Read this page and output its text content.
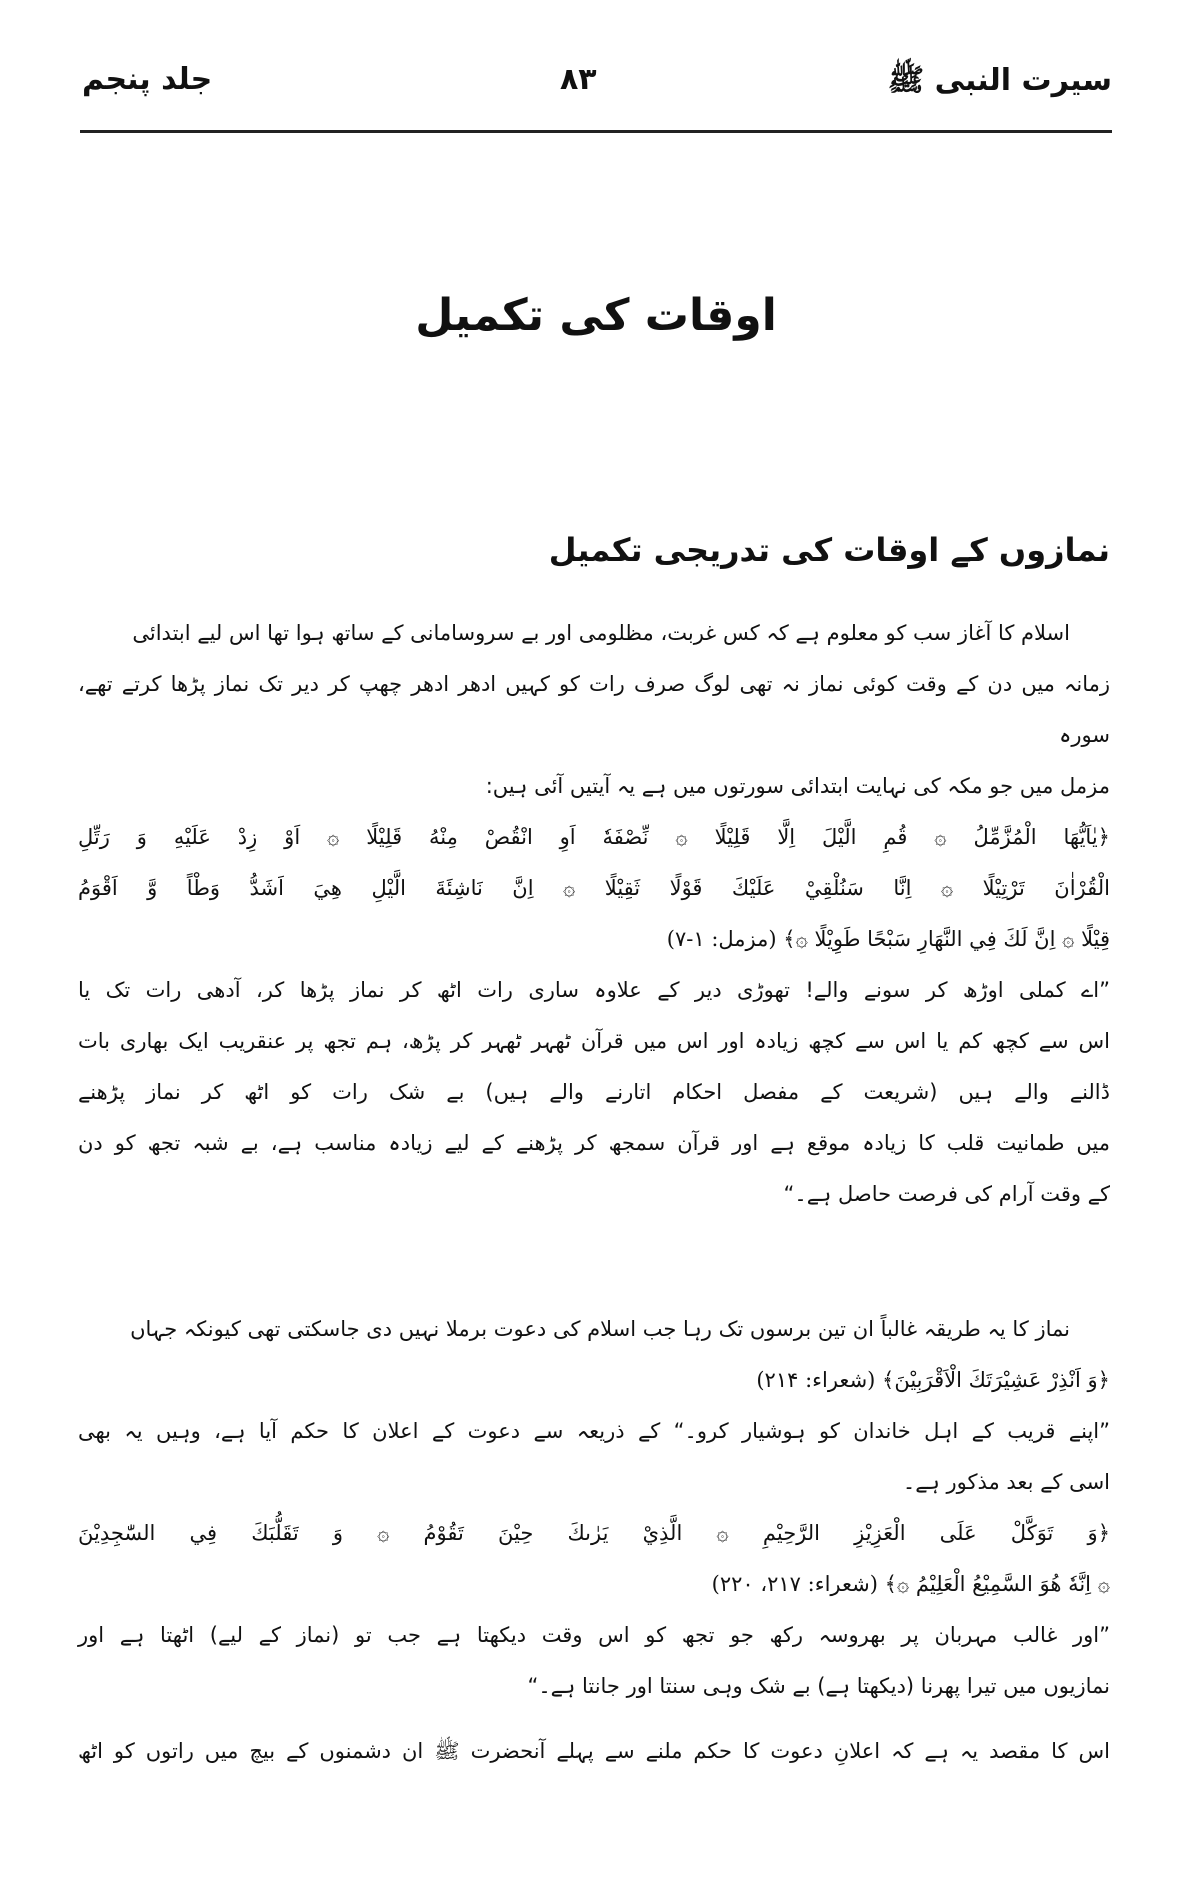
سیرت النبی ﷺ
۸۳
جلد پنجم
اوقات کی تکمیل
نمازوں کے اوقات کی تدریجی تکمیل
اسلام کا آغاز سب کو معلوم ہے کہ کس غربت، مظلومی اور بے سروسامانی کے ساتھ ہوا تھا اس لیے ابتدائی
زمانہ میں دن کے وقت کوئی نماز نہ تھی لوگ صرف رات کو کہیں ادھر ادھر چھپ کر دیر تک نماز پڑھا کرتے تھے، سورہ
مزمل میں جو مکہ کی نہایت ابتدائی سورتوں میں ہے یہ آیتیں آئی ہیں:
﴿يٰاَيُّهَا الْمُزَّمِّلُ ۞ قُمِ الَّيْلَ اِلَّا قَلِيْلًا ۞ نِّصْفَهٗ اَوِ انْقُصْ مِنْهُ قَلِيْلًا ۞ اَوْ زِدْ عَلَيْهِ وَ رَتِّلِ
الْقُرْاٰنَ تَرْتِيْلًا ۞ اِنَّا سَنُلْقِيْ عَلَيْكَ قَوْلًا ثَقِيْلًا ۞ اِنَّ نَاشِئَةَ الَّيْلِ هِيَ اَشَدُّ وَطْاً وَّ اَقْوَمُ
قِيْلًا ۞ اِنَّ لَكَ فِي النَّهَارِ سَبْحًا طَوِيْلًا ۞﴾ (مزمل: ۱-۷)
”اے کملی اوڑھ کر سونے والے! تھوڑی دیر کے علاوہ ساری رات اٹھ کر نماز پڑھا کر، آدھی رات تک یا
اس سے کچھ کم یا اس سے کچھ زیادہ اور اس میں قرآن ٹھہر ٹھہر کر پڑھ، ہم تجھ پر عنقریب ایک بھاری بات
ڈالنے والے ہیں (شریعت کے مفصل احکام اتارنے والے ہیں) بے شک رات کو اٹھ کر نماز پڑھنے
میں طمانیت قلب کا زیادہ موقع ہے اور قرآن سمجھ کر پڑھنے کے لیے زیادہ مناسب ہے، بے شبہ تجھ کو دن
کے وقت آرام کی فرصت حاصل ہے۔“
نماز کا یہ طریقہ غالباً ان تین برسوں تک رہا جب اسلام کی دعوت برملا نہیں دی جاسکتی تھی کیونکہ جہاں
﴿وَ اَنْذِرْ عَشِيْرَتَكَ الْاَقْرَبِيْنَ﴾ (شعراء: ۲۱۴)
”اپنے قریب کے اہل خاندان کو ہوشیار کرو۔“ کے ذریعہ سے دعوت کے اعلان کا حکم آیا ہے، وہیں یہ بھی
اسی کے بعد مذکور ہے۔
﴿وَ تَوَكَّلْ عَلَى الْعَزِيْزِ الرَّحِيْمِ ۞ الَّذِيْ يَرٰىكَ حِيْنَ تَقُوْمُ ۞ وَ تَقَلُّبَكَ فِي السّٰجِدِيْنَ
۞ اِنَّهٗ هُوَ السَّمِيْعُ الْعَلِيْمُ ۞﴾ (شعراء: ۲۱۷، ۲۲۰)
”اور غالب مہربان پر بھروسہ رکھ جو تجھ کو اس وقت دیکھتا ہے جب تو (نماز کے لیے) اٹھتا ہے اور
نمازیوں میں تیرا پھرنا (دیکھتا ہے) بے شک وہی سنتا اور جانتا ہے۔“
اس کا مقصد یہ ہے کہ اعلانِ دعوت کا حکم ملنے سے پہلے آنحضرت ﷺ ان دشمنوں کے بیچ میں راتوں کو اٹھ
